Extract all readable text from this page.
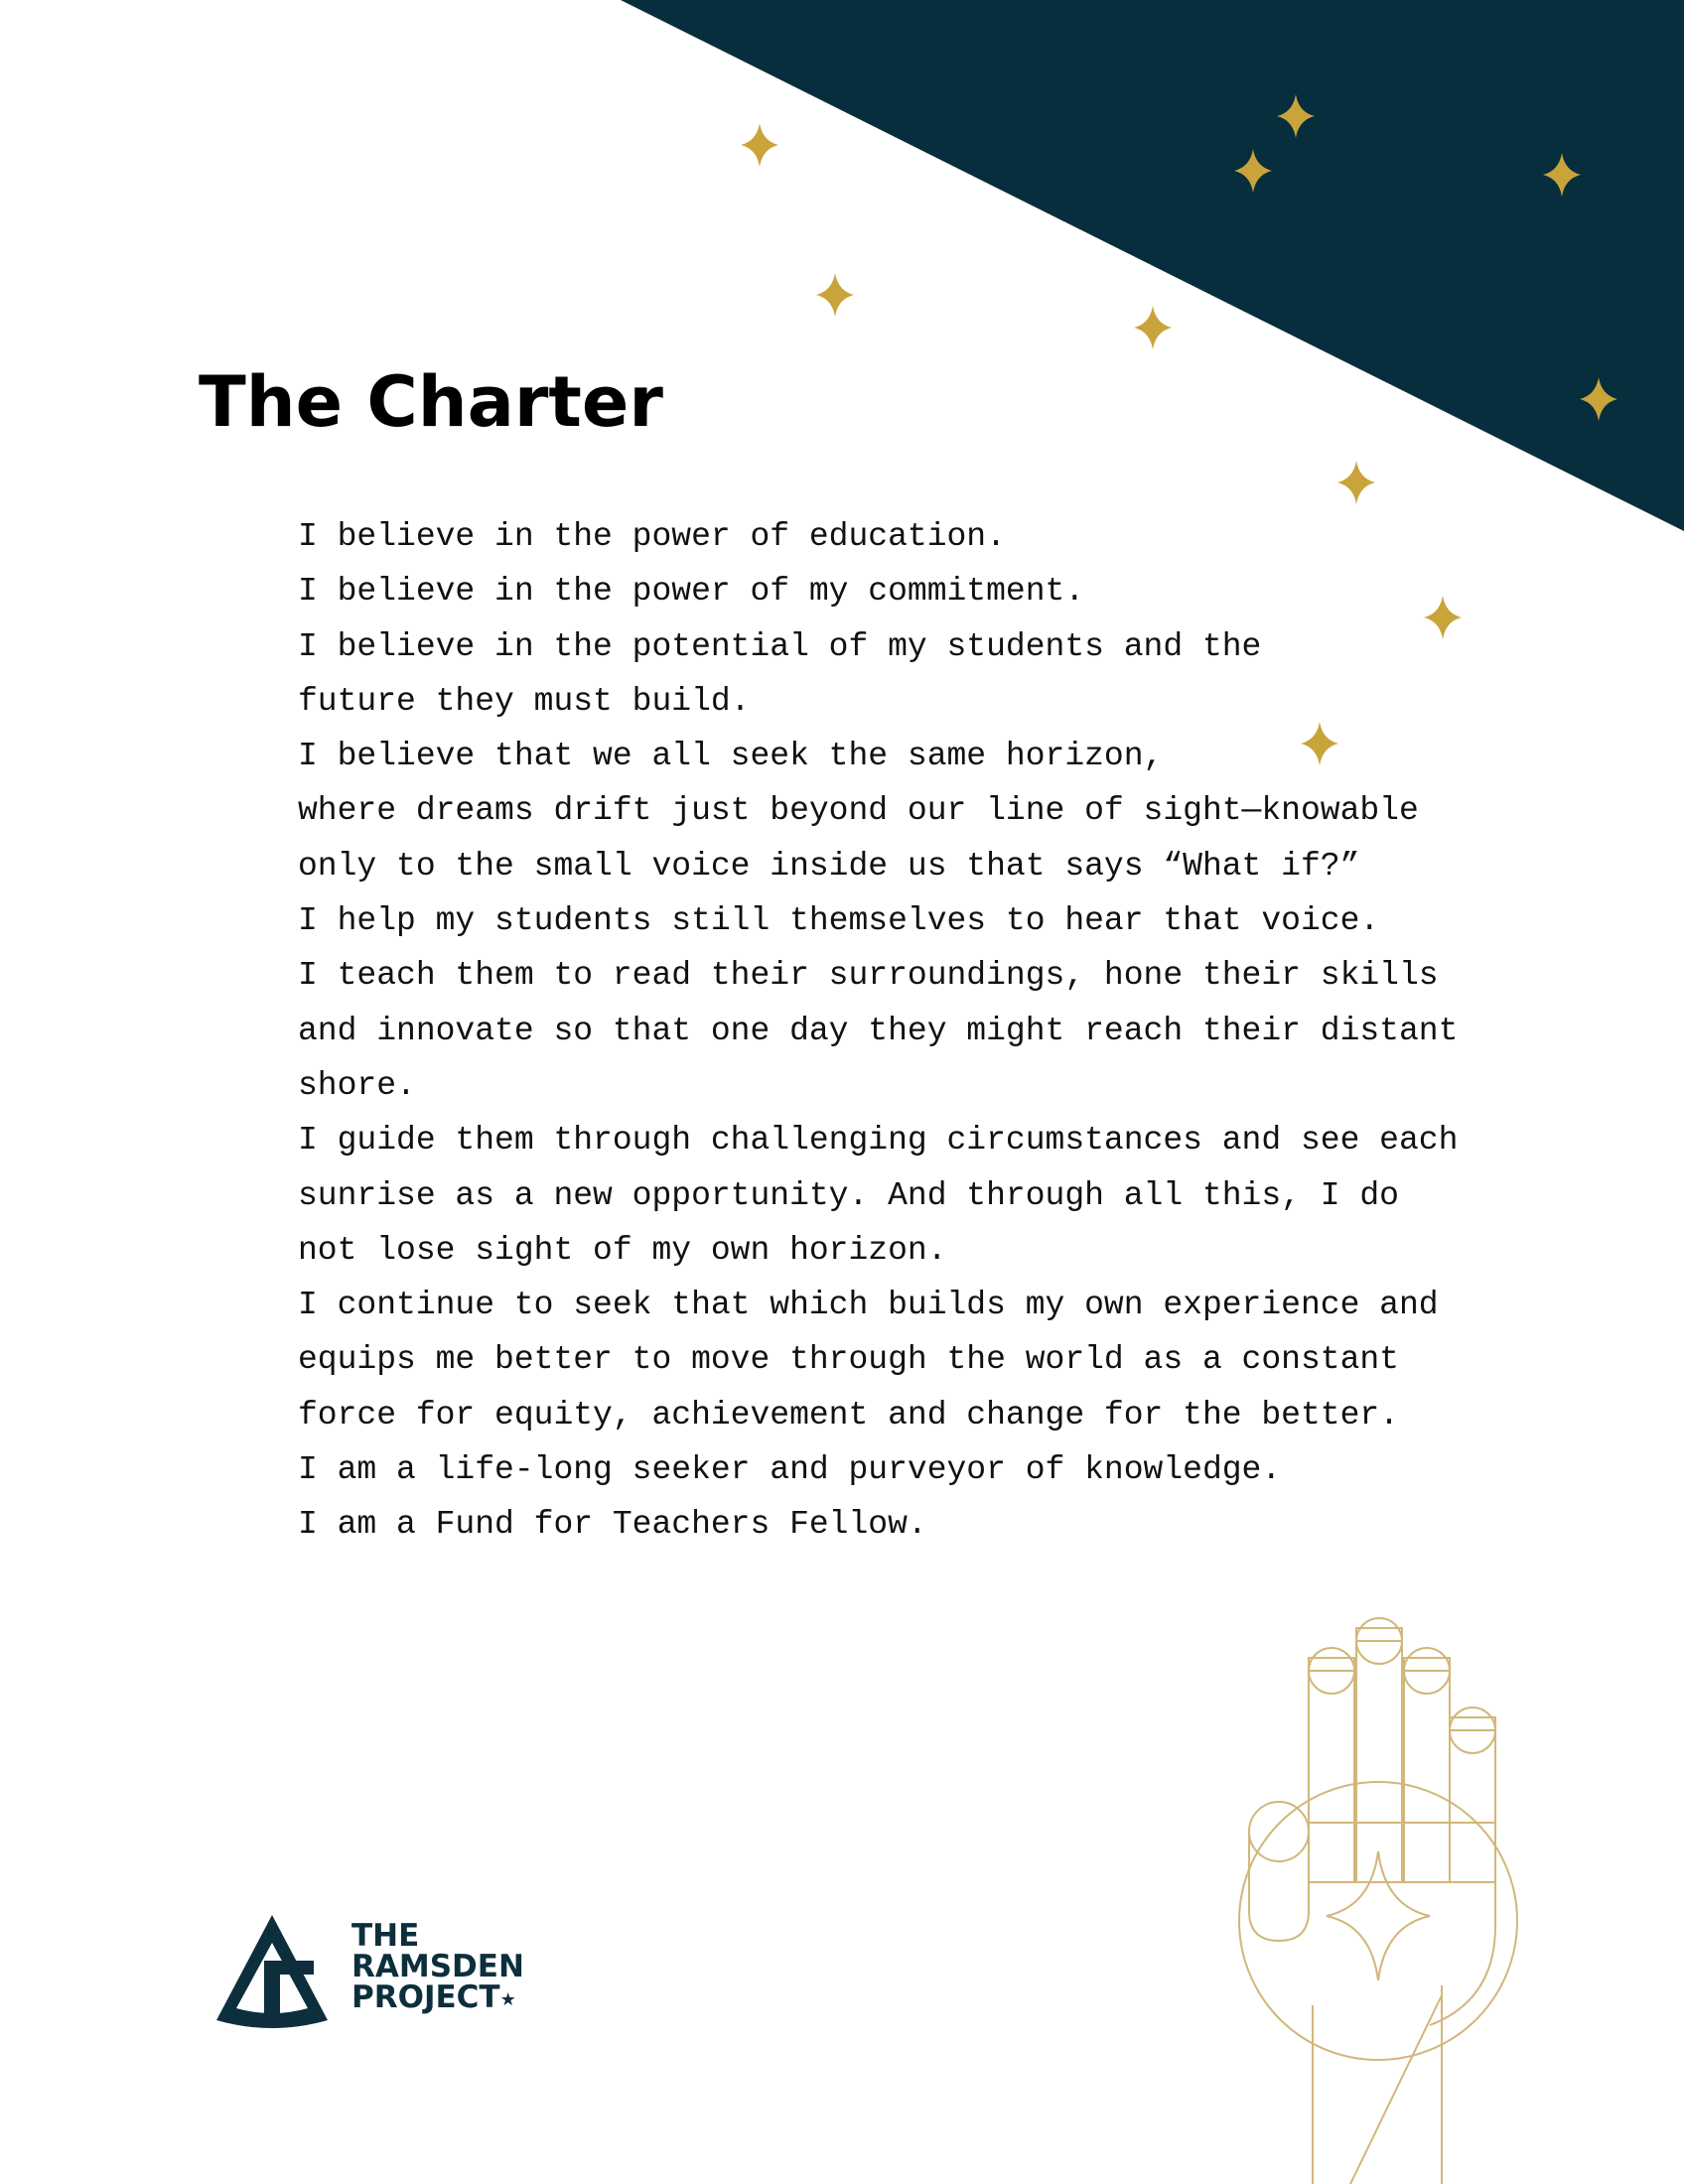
The Charter

I believe in the power of education.

I believe in the power of my commitment.

I believe in the potential of my students and the

future they must build.

I believe that we all seek the same horizon,

where dreams drift just beyond our line of sight—knowable

only to the small voice inside us that says “What if?”

I help my students still themselves to hear that voice.

I teach them to read their surroundings, hone their skills

and innovate so that one day they might reach their distant

shore.

I guide them through challenging circumstances and see each

sunrise as a new opportunity. And through all this, I do

not lose sight of my own horizon.

I continue to seek that which builds my own experience and

equips me better to move through the world as a constant

force for equity, achievement and change for the better.

I am a life-long seeker and purveyor of knowledge.

I am a Fund for Teachers Fellow.

THE
RAMSDEN
PROJECT★
